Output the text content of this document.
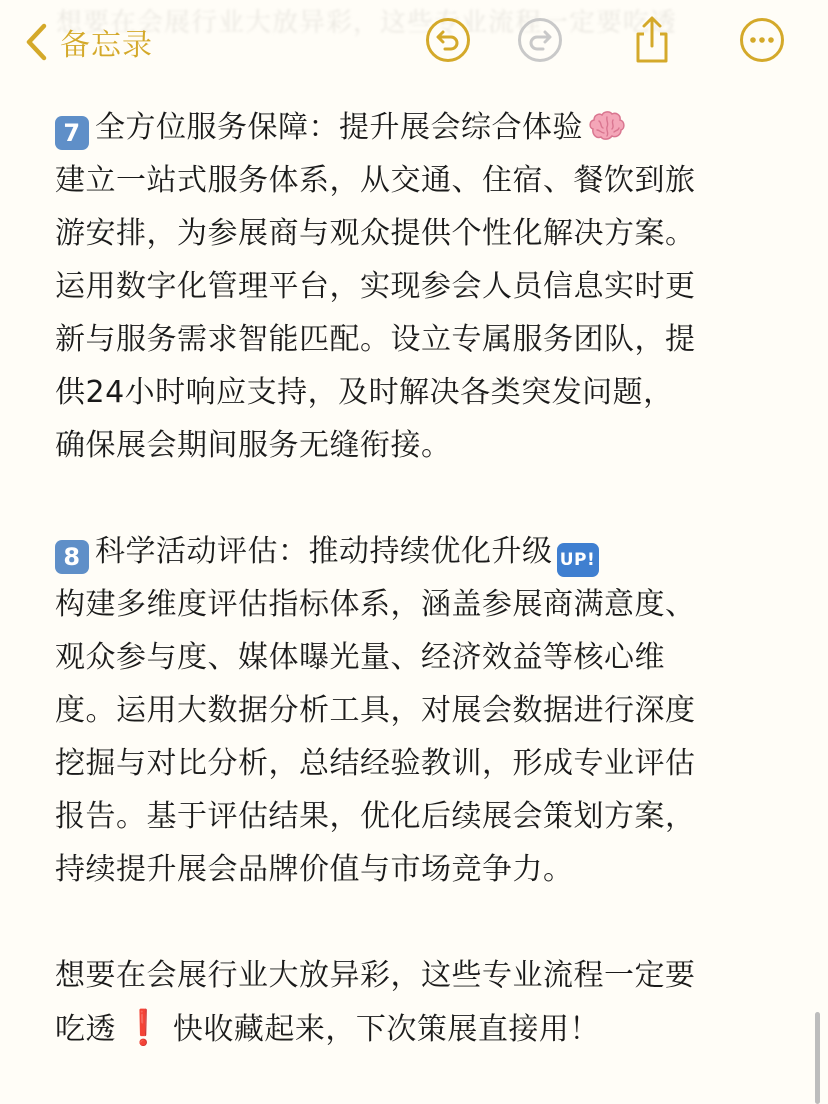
想要在会展行业大放异彩，这些专业流程一定要吃透
备忘录
7 全方位服务保障：提升展会综合体验
建立一站式服务体系，从交通、住宿、餐饮到旅
游安排，为参展商与观众提供个性化解决方案。
运用数字化管理平台，实现参会人员信息实时更
新与服务需求智能匹配。设立专属服务团队，提
供24小时响应支持，及时解决各类突发问题，
确保展会期间服务无缝衔接。
8 科学活动评估：推动持续优化升级 UP!
构建多维度评估指标体系，涵盖参展商满意度、
观众参与度、媒体曝光量、经济效益等核心维
度。运用大数据分析工具，对展会数据进行深度
挖掘与对比分析，总结经验教训，形成专业评估
报告。基于评估结果，优化后续展会策划方案，
持续提升展会品牌价值与市场竞争力。
想要在会展行业大放异彩，这些专业流程一定要
吃透 ❗ 快收藏起来，下次策展直接用！
